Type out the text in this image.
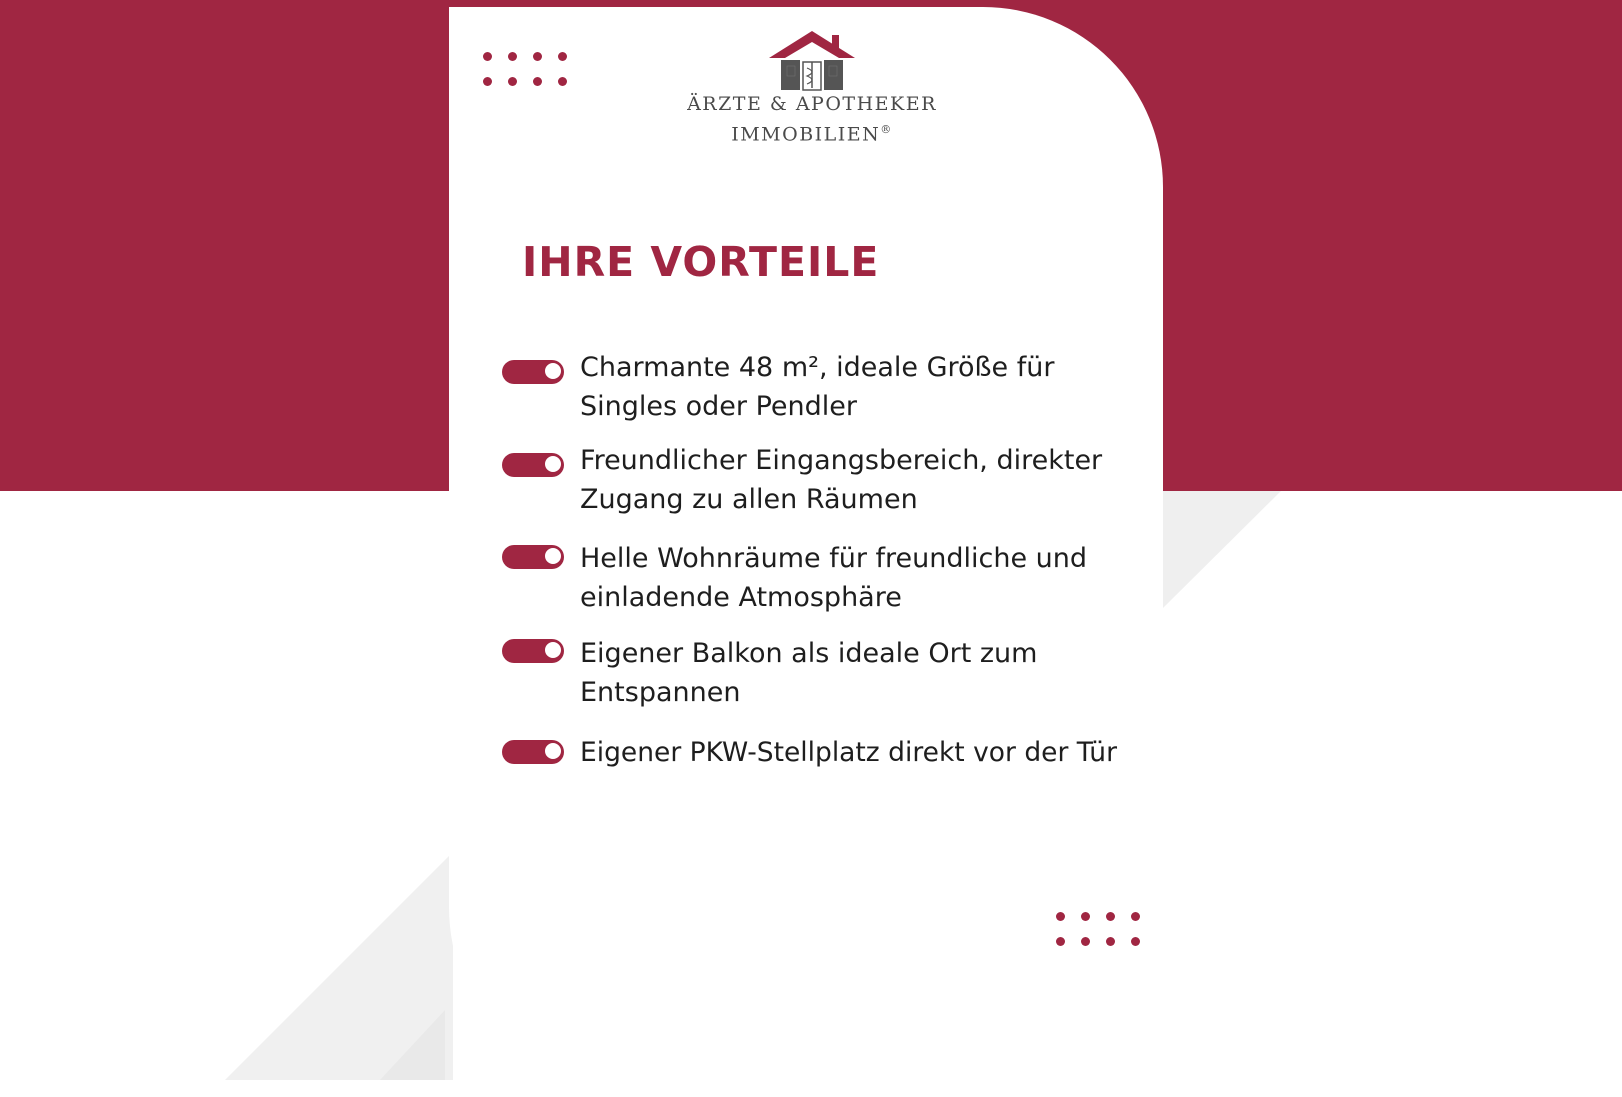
ÄRZTE & APOTHEKER
IMMOBILIEN®
IHRE VORTEILE
Charmante 48 m², ideale Größe für Singles oder Pendler
Freundlicher Eingangsbereich, direkter Zugang zu allen Räumen
Helle Wohnräume für freundliche und einladende Atmosphäre
Eigener Balkon als ideale Ort zum Entspannen
Eigener PKW-Stellplatz direkt vor der Tür
